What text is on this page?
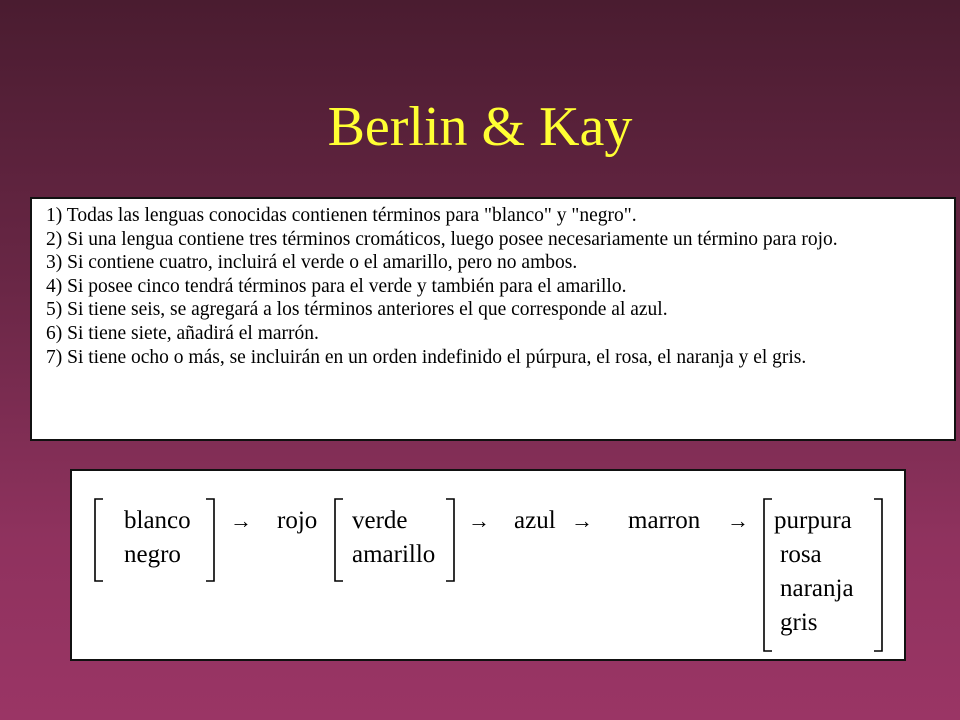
Berlin & Kay
1) Todas las lenguas conocidas contienen términos para "blanco" y "negro".
2) Si una lengua contiene tres términos cromáticos, luego posee necesariamente un término para rojo.
3) Si contiene cuatro, incluirá el verde o el amarillo, pero no ambos.
4) Si posee cinco tendrá términos para el verde y también para el amarillo.
5) Si tiene seis, se agregará a los términos anteriores el que corresponde al azul.
6) Si tiene siete, añadirá el marrón.
7) Si tiene ocho o más, se incluirán en un orden indefinido el púrpura, el rosa, el naranja y el gris.
blanco
negro
→ rojo verde
amarillo
→ azul → marron → purpura
rosa
naranja
gris
